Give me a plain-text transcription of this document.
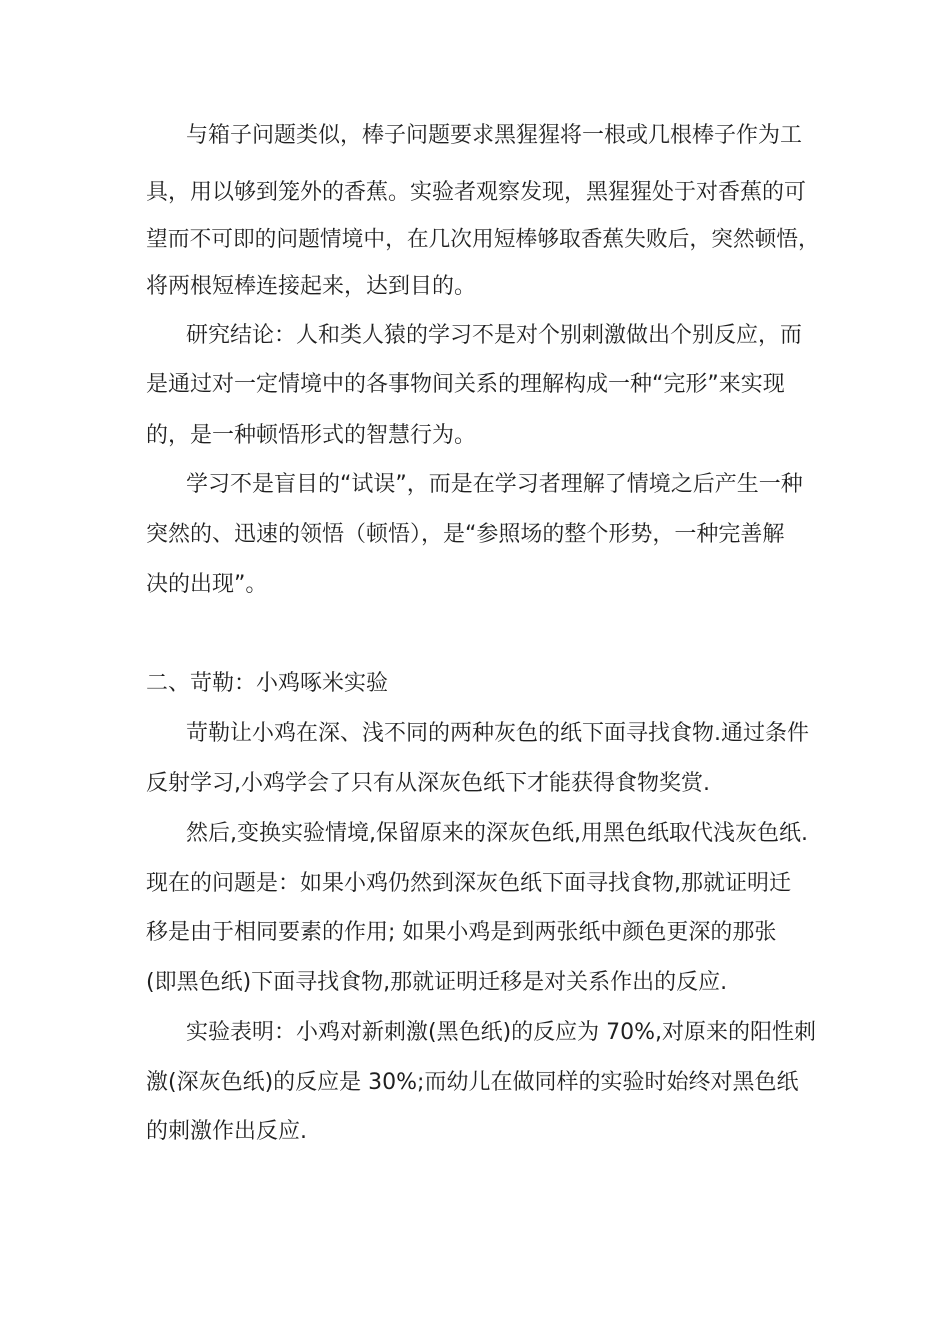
与箱子问题类似，棒子问题要求黑猩猩将一根或几根棒子作为工
具，用以够到笼外的香蕉。实验者观察发现，黑猩猩处于对香蕉的可
望而不可即的问题情境中，在几次用短棒够取香蕉失败后，突然顿悟，
将两根短棒连接起来，达到目的。
研究结论：人和类人猿的学习不是对个别刺激做出个别反应，而
是通过对一定情境中的各事物间关系的理解构成一种“完形”来实现
的，是一种顿悟形式的智慧行为。
学习不是盲目的“试误”，而是在学习者理解了情境之后产生一种
突然的、迅速的领悟（顿悟），是“参照场的整个形势，一种完善解
决的出现”。
二、苛勒：小鸡啄米实验
苛勒让小鸡在深、浅不同的两种灰色的纸下面寻找食物.通过条件
反射学习,小鸡学会了只有从深灰色纸下才能获得食物奖赏.
然后,变换实验情境,保留原来的深灰色纸,用黑色纸取代浅灰色纸.
现在的问题是：如果小鸡仍然到深灰色纸下面寻找食物,那就证明迁
移是由于相同要素的作用; 如果小鸡是到两张纸中颜色更深的那张
(即黑色纸)下面寻找食物,那就证明迁移是对关系作出的反应.
实验表明：小鸡对新刺激(黑色纸)的反应为 70%,对原来的阳性刺
激(深灰色纸)的反应是 30%;而幼儿在做同样的实验时始终对黑色纸
的刺激作出反应.
